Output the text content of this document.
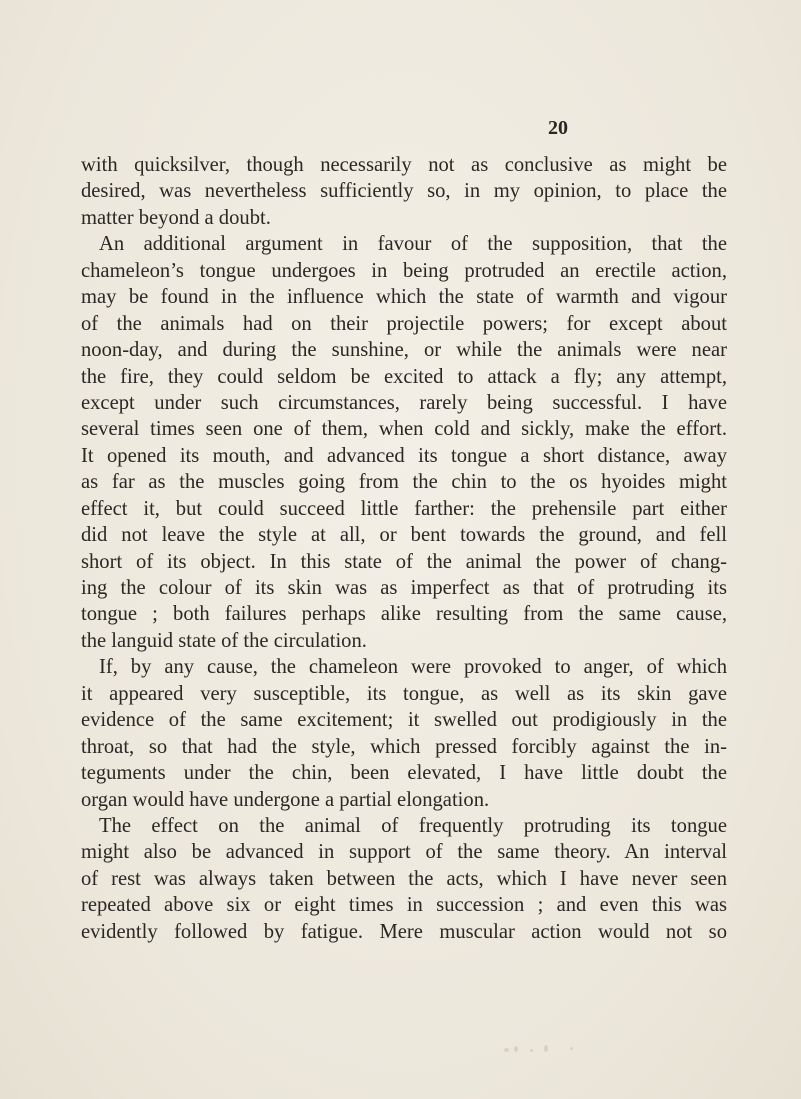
20
with quicksilver, though necessarily not as conclusive as might be
desired, was nevertheless sufficiently so, in my opinion, to place the
matter beyond a doubt.
An additional argument in favour of the supposition, that the
chameleon’s tongue undergoes in being protruded an erectile action,
may be found in the influence which the state of warmth and vigour
of the animals had on their projectile powers; for except about
noon-day, and during the sunshine, or while the animals were near
the fire, they could seldom be excited to attack a fly; any attempt,
except under such circumstances, rarely being successful. I have
several times seen one of them, when cold and sickly, make the effort.
It opened its mouth, and advanced its tongue a short distance, away
as far as the muscles going from the chin to the os hyoides might
effect it, but could succeed little farther: the prehensile part either
did not leave the style at all, or bent towards the ground, and fell
short of its object. In this state of the animal the power of chang-
ing the colour of its skin was as imperfect as that of protruding its
tongue ; both failures perhaps alike resulting from the same cause,
the languid state of the circulation.
If, by any cause, the chameleon were provoked to anger, of which
it appeared very susceptible, its tongue, as well as its skin gave
evidence of the same excitement; it swelled out prodigiously in the
throat, so that had the style, which pressed forcibly against the in-
teguments under the chin, been elevated, I have little doubt the
organ would have undergone a partial elongation.
The effect on the animal of frequently protruding its tongue
might also be advanced in support of the same theory. An interval
of rest was always taken between the acts, which I have never seen
repeated above six or eight times in succession ; and even this was
evidently followed by fatigue. Mere muscular action would not so
